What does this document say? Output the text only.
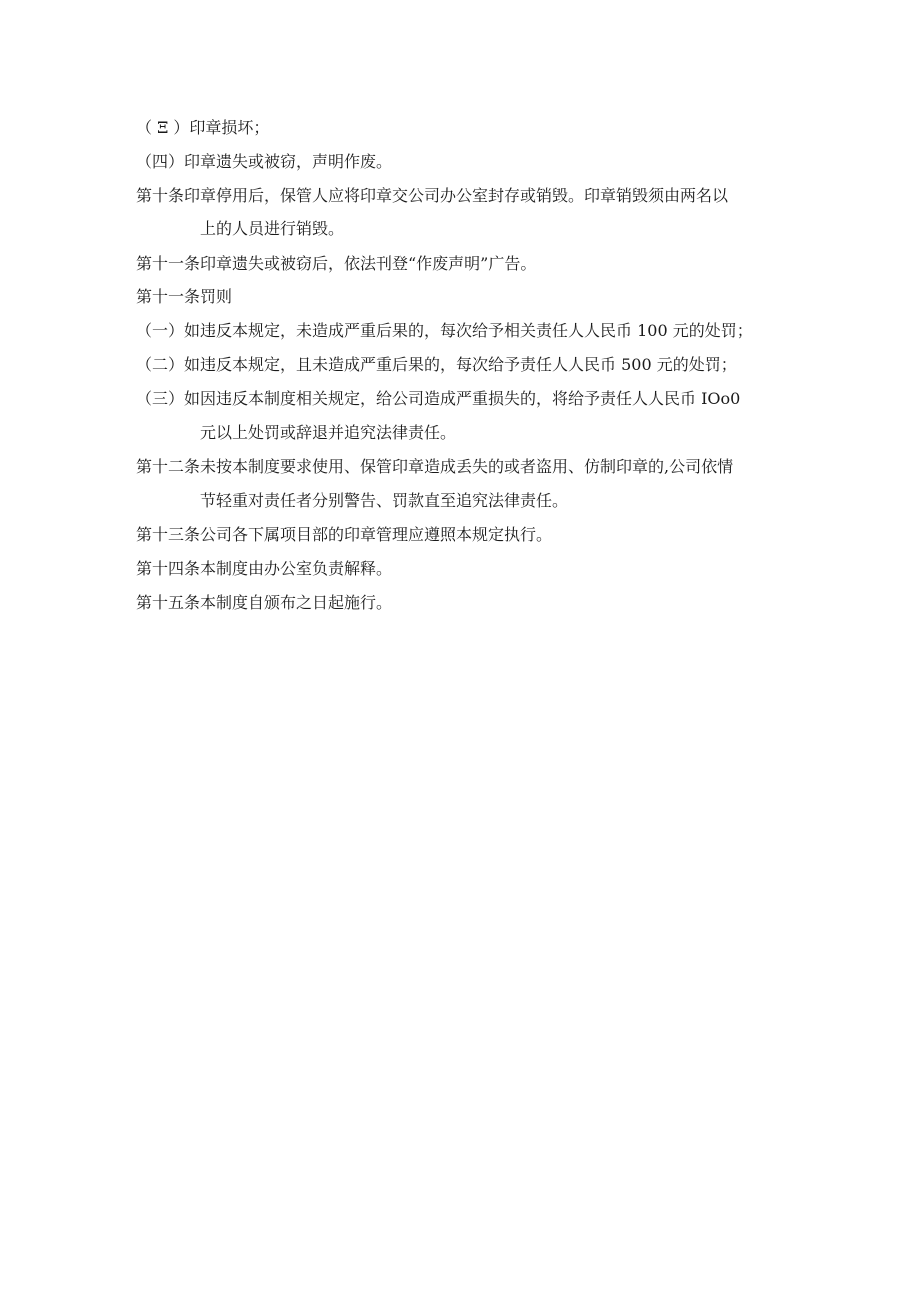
（ Ξ ）印章损坏；
（四）印章遗失或被窃，声明作废。
第十条印章停用后，保管人应将印章交公司办公室封存或销毁。印章销毁须由两名以
上的人员进行销毁。
第十一条印章遗失或被窃后，依法刊登“作废声明”广告。
第十一条罚则
（一）如违反本规定，未造成严重后果的，每次给予相关责任人人民币 100 元的处罚；
（二）如违反本规定，且未造成严重后果的，每次给予责任人人民币 500 元的处罚；
（三）如因违反本制度相关规定，给公司造成严重损失的，将给予责任人人民币 IOo0
元以上处罚或辞退并追究法律责任。
第十二条未按本制度要求使用、保管印章造成丢失的或者盗用、仿制印章的,公司依情
节轻重对责任者分别警告、罚款直至追究法律责任。
第十三条公司各下属项目部的印章管理应遵照本规定执行。
第十四条本制度由办公室负责解释。
第十五条本制度自颁布之日起施行。
